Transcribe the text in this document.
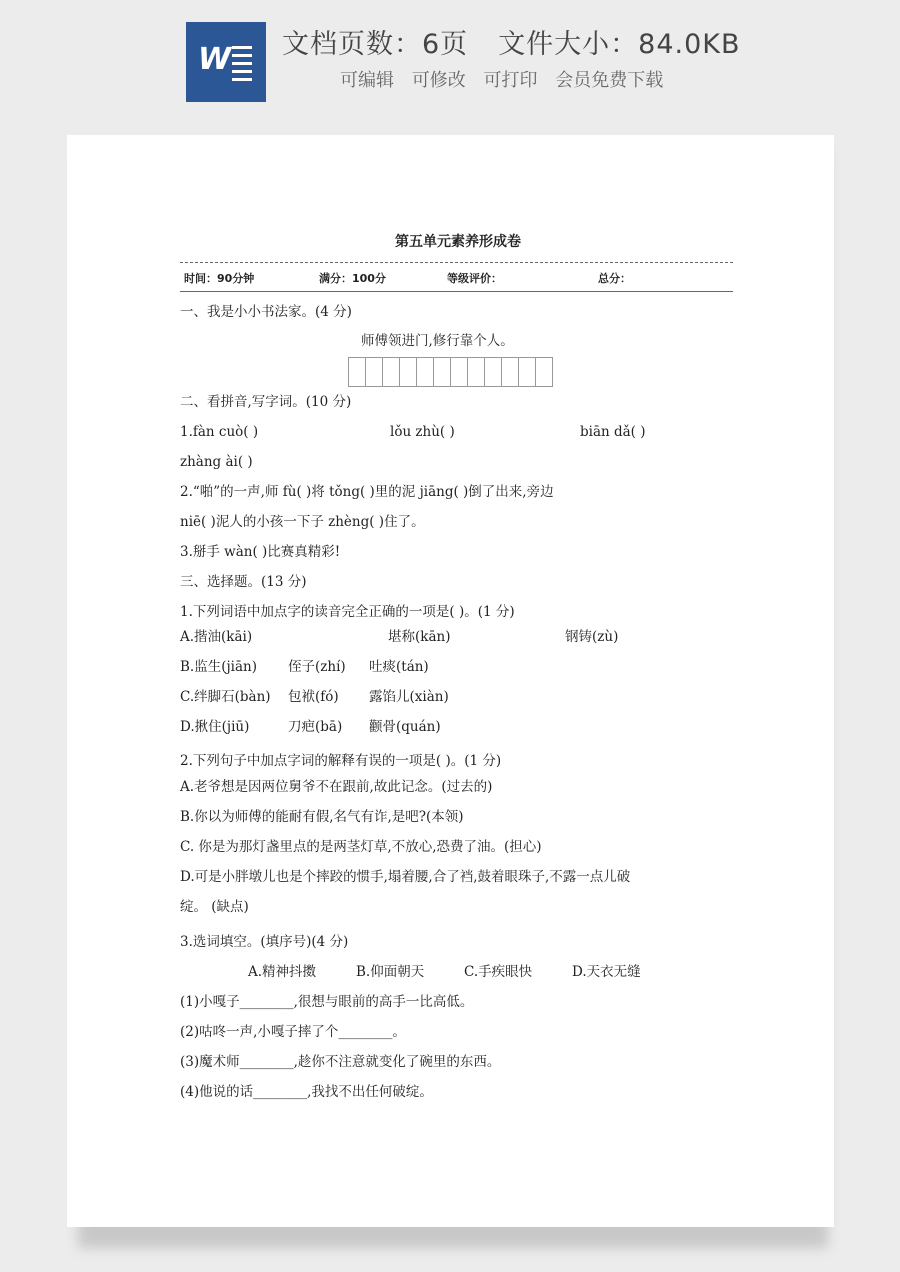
W 文档页数：6页 文件大小：84.0KB
可编辑 可修改 可打印 会员免费下载
第五单元素养形成卷
时间：90分钟	满分：100分	等级评价：	总分：
一、我是小小书法家。(4 分)
师傅领进门,修行靠个人。
二、看拼音,写字词。(10 分)
1.fàn cuò( )	lǒu zhù( )	biān dǎ( )
zhàng ài( )
2.“啪”的一声,师 fù( )将 tǒng( )里的泥 jiāng( )倒了出来,旁边
niē( )泥人的小孩一下子 zhèng( )住了。
3.掰手 wàn( )比赛真精彩!
三、选择题。(13 分)
1.下列词语中加点字的读音完全正确的一项是( )。(1 分)
A.揩油(kāi)	堪称(kān)	钢铸(zù)
B.监生(jiān) 侄子(zhí) 吐痰(tán)
C.绊脚石(bàn) 包袱(fó) 露馅儿(xiàn)
D.揪住(jiū)	刀疤(bā) 颧骨(quán)
2.下列句子中加点字词的解释有误的一项是( )。(1 分)
A.老爷想是因两位舅爷不在跟前,故此记念。(过去的)
B.你以为师傅的能耐有假,名气有诈,是吧?(本领)
C. 你是为那灯盏里点的是两茎灯草,不放心,恐费了油。(担心)
D.可是小胖墩儿也是个摔跤的惯手,塌着腰,合了裆,鼓着眼珠子,不露一点儿破
绽。 (缺点)
3.选词填空。(填序号)(4 分)
A.精神抖擞	B.仰面朝天	C.手疾眼快	D.天衣无缝
(1)小嘎子________,很想与眼前的高手一比高低。
(2)咕咚一声,小嘎子摔了个________。
(3)魔术师________,趁你不注意就变化了碗里的东西。
(4)他说的话________,我找不出任何破绽。
